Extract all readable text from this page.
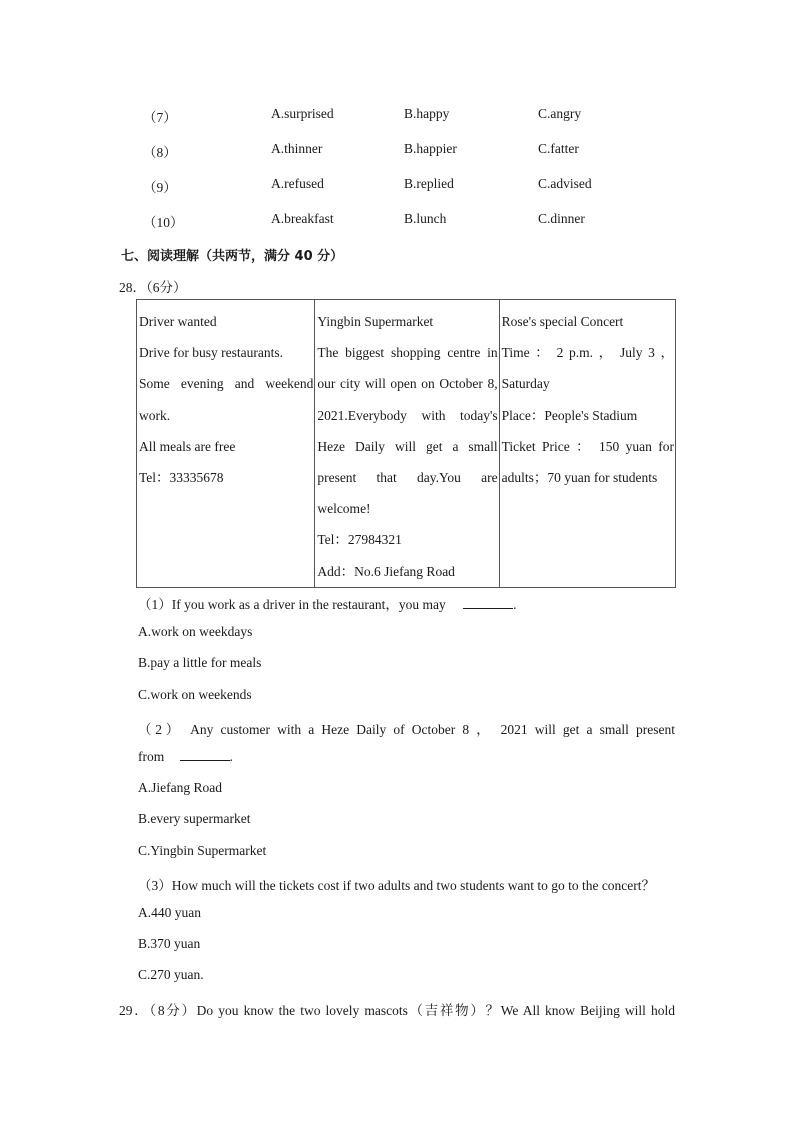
（7）	A.surprised	B.happy	C.angry
（8）	A.thinner	B.happier	C.fatter
（9）	A.refused	B.replied	C.advised
（10）	A.breakfast	B.lunch	C.dinner
七、阅读理解（共两节，满分 40 分）
28．（6分）
Driver wanted
Drive for busy restaurants.
Some evening and weekend
work.
All meals are free
Tel：33335678

Yingbin Supermarket
The biggest shopping centre in
our city will open on October 8,
2021.Everybody with today's
Heze Daily will get a small
present that day.You are
welcome!
Tel：27984321
Add：No.6 Jiefang Road

Rose's special Concert
Time ： 2 p.m. ， July 3 ，
Saturday
Place：People's Stadium
Ticket Price ： 150 yuan for
adults；70 yuan for students
（1）If you work as a driver in the restaurant，you may	.
A.work on weekdays
B.pay a little for meals
C.work on weekends
（2） Any customer with a Heze Daily of October 8 ， 2021 will get a small present
from	.
A.Jiefang Road
B.every supermarket
C.Yingbin Supermarket
（3）How much will the tickets cost if two adults and two students want to go to the concert？
A.440 yuan
B.370 yuan
C.270 yuan.
29．（8分）Do you know the two lovely mascots（吉祥物）？We All know Beijing will hold
